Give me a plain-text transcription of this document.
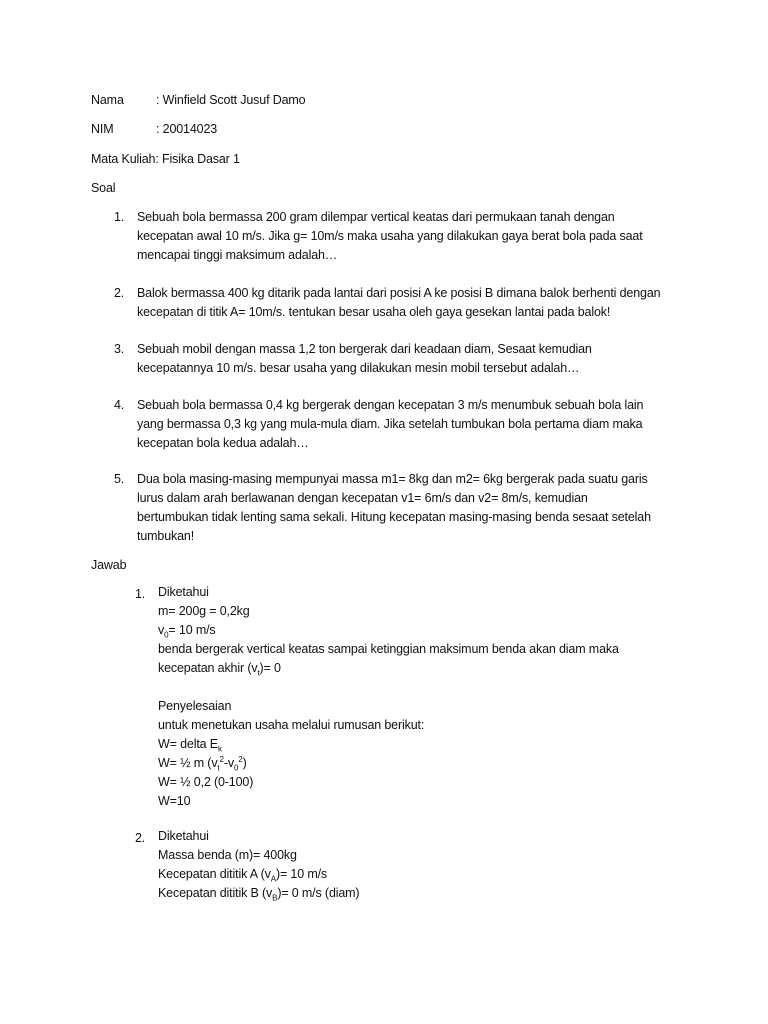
Nama	: Winfield Scott Jusuf Damo
NIM	: 20014023
Mata Kuliah: Fisika Dasar 1
Soal
1.	Sebuah bola bermassa 200 gram dilempar vertical keatas dari permukaan tanah dengan
kecepatan awal 10 m/s. Jika g= 10m/s maka usaha yang dilakukan gaya berat bola pada saat
mencapai tinggi maksimum adalah…
2.	Balok bermassa 400 kg ditarik pada lantai dari posisi A ke posisi B dimana balok berhenti dengan
kecepatan di titik A= 10m/s. tentukan besar usaha oleh gaya gesekan lantai pada balok!
3.	Sebuah mobil dengan massa 1,2 ton bergerak dari keadaan diam, Sesaat kemudian
kecepatannya 10 m/s. besar usaha yang dilakukan mesin mobil tersebut adalah…
4.	Sebuah bola bermassa 0,4 kg bergerak dengan kecepatan 3 m/s menumbuk sebuah bola lain
yang bermassa 0,3 kg yang mula-mula diam. Jika setelah tumbukan bola pertama diam maka
kecepatan bola kedua adalah…
5.	Dua bola masing-masing mempunyai massa m1= 8kg dan m2= 6kg bergerak pada suatu garis
lurus dalam arah berlawanan dengan kecepatan v1= 6m/s dan v2= 8m/s, kemudian
bertumbukan tidak lenting sama sekali. Hitung kecepatan masing-masing benda sesaat setelah
tumbukan!
Jawab
1.	Diketahui
m= 200g = 0,2kg
$v_0= 10$ m/s
benda bergerak vertical keatas sampai ketinggian maksimum benda akan diam maka
kecepatan akhir $(v_t)= 0$
Penyelesaian
untuk menetukan usaha melalui rumusan berikut:
W= delta $E_k$
W= ½ m $(v_t^2-v_0^2)$
W= ½ 0,2 (0-100)
W=10
2.	Diketahui
Massa benda (m)= 400kg
Kecepatan dititik A $(v_A)= 10$ m/s
Kecepatan dititik B $(v_B)= 0$ m/s (diam)
